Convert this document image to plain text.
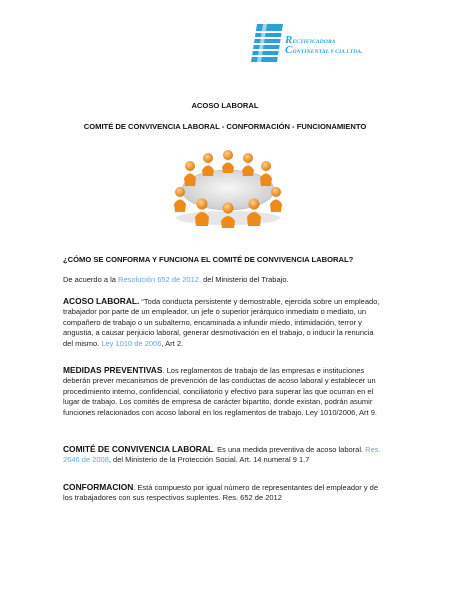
RECTIFICADORA
CONTINENTAL Y CIA LTDA.
ACOSO LABORAL
COMITÉ DE CONVIVENCIA LABORAL - CONFORMACIÓN - FUNCIONAMIENTO
¿CÓMO SE CONFORMA Y FUNCIONA EL COMITÉ DE CONVIVENCIA LABORAL?
De acuerdo a la Resolución 652 de 2012, del Ministerio del Trabajo.
ACOSO LABORAL. “Toda conducta persistente y demostrable, ejercida sobre un empleado, trabajador por parte de un empleador, un jefe o superior jerárquico inmediato o mediato, un compañero de trabajo o un subalterno, encaminada a infundir miedo, intimidación, terror y angustia, a causar perjuicio laboral, generar desmotivación en el trabajo, o inducir la renuncia del mismo. Ley 1010 de 2006, Art 2.
MEDIDAS PREVENTIVAS. Los reglamentos de trabajo de las empresas e instituciones deberán prever mecanismos de prevención de las conductas de acoso laboral y establecer un procedimiento interno, confidencial, conciliatorio y efectivo para superar las que ocurran en el lugar de trabajo. Los comités de empresa de carácter bipartito, donde existan, podrán asumir funciones relacionados con acoso laboral en los reglamentos de trabajo. Ley 1010/2006, Art 9.
COMITÉ DE CONVIVENCIA LABORAL. Es una medida preventiva de acoso laboral. Res. 2646 de 2008, del Ministerio de la Protección Social. Art. 14 numeral 9 1.7
CONFORMACION. Está compuesto por igual número de representantes del empleador y de los trabajadores con sus respectivos suplentes. Res. 652 de 2012
